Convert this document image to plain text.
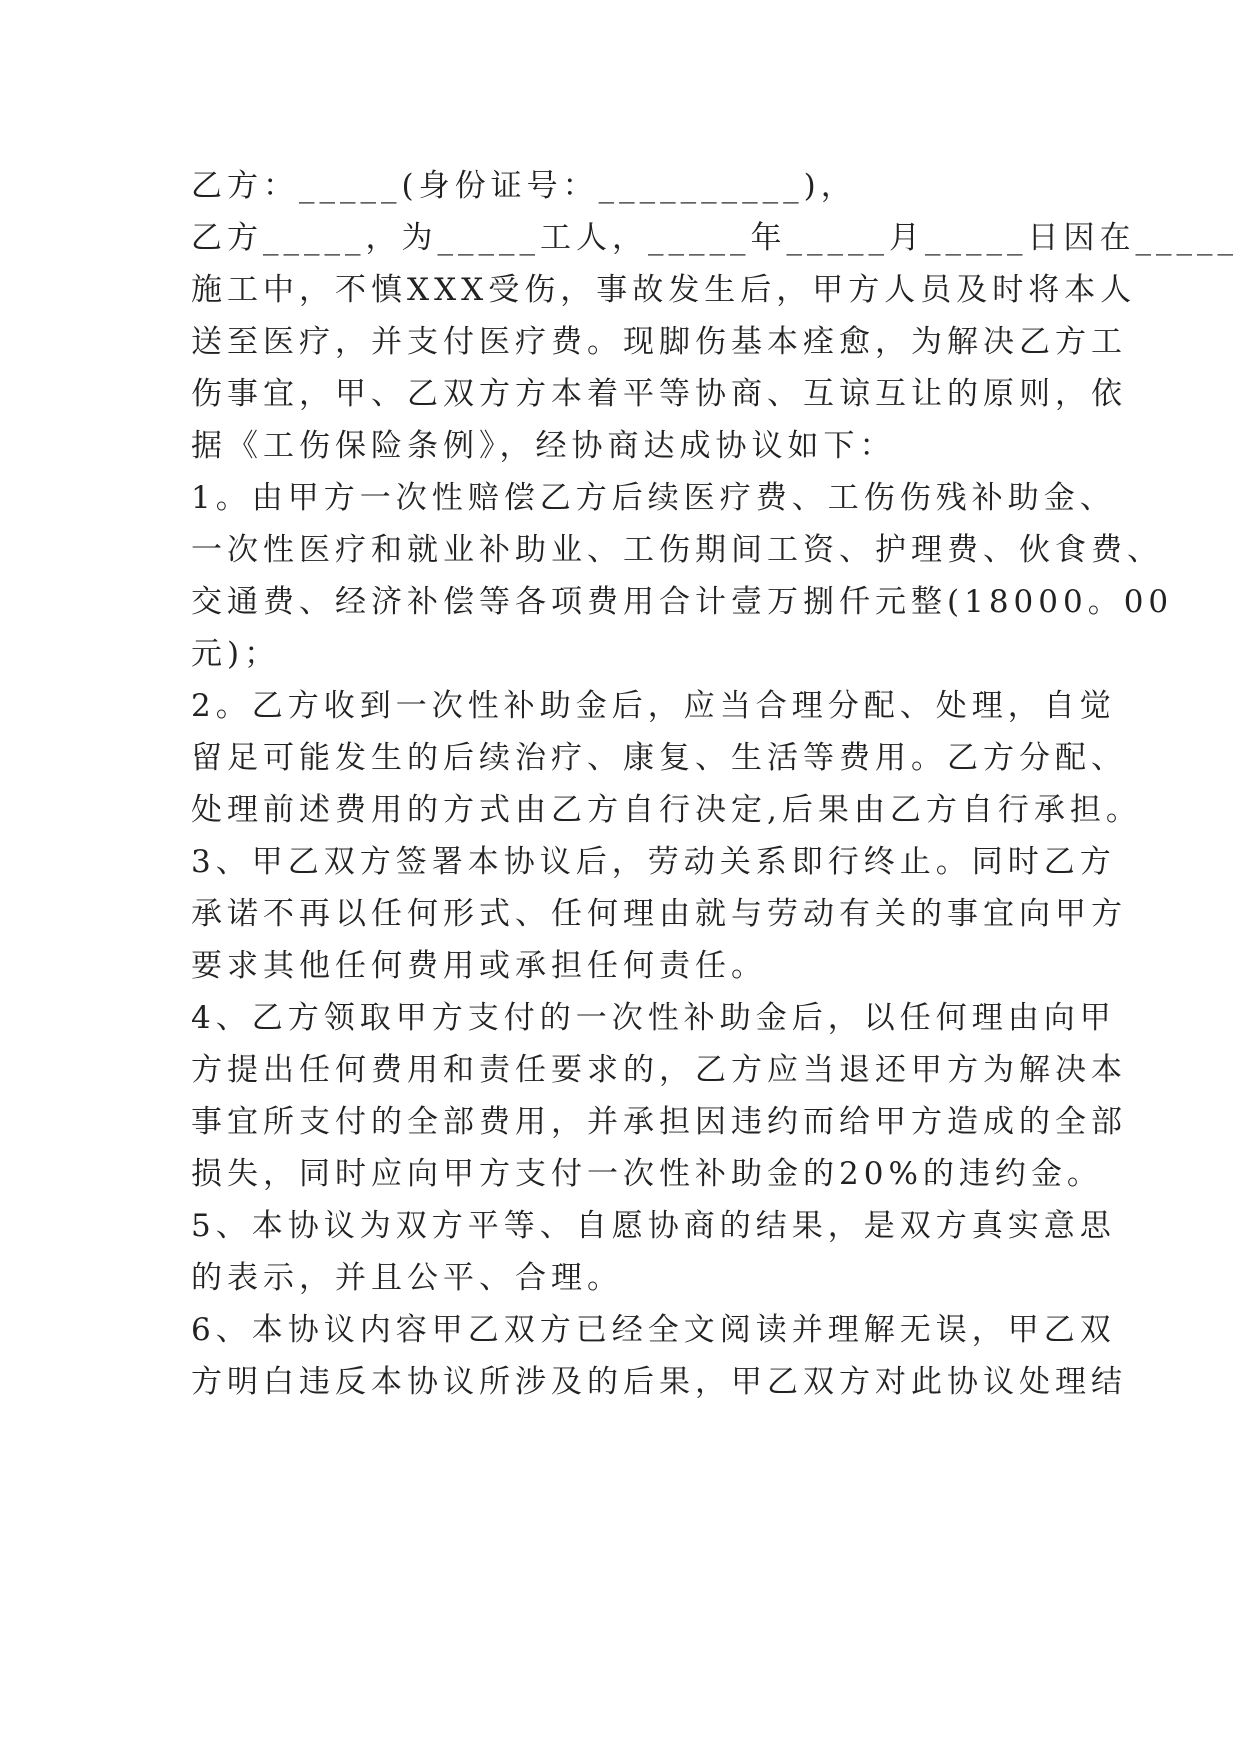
乙方：_____(身份证号：__________)，
乙方_____，为_____工人，_____年_____月_____日因在_____
施工中，不慎XXX受伤，事故发生后，甲方人员及时将本人
送至医疗，并支付医疗费。现脚伤基本痊愈，为解决乙方工
伤事宜，甲、乙双方方本着平等协商、互谅互让的原则，依
据《工伤保险条例》，经协商达成协议如下：
1。由甲方一次性赔偿乙方后续医疗费、工伤伤残补助金、
一次性医疗和就业补助业、工伤期间工资、护理费、伙食费、
交通费、经济补偿等各项费用合计壹万捌仟元整(18000。00
元)；
2。乙方收到一次性补助金后，应当合理分配、处理，自觉
留足可能发生的后续治疗、康复、生活等费用。乙方分配、
处理前述费用的方式由乙方自行决定,后果由乙方自行承担。
3、甲乙双方签署本协议后，劳动关系即行终止。同时乙方
承诺不再以任何形式、任何理由就与劳动有关的事宜向甲方
要求其他任何费用或承担任何责任。
4、乙方领取甲方支付的一次性补助金后，以任何理由向甲
方提出任何费用和责任要求的，乙方应当退还甲方为解决本
事宜所支付的全部费用，并承担因违约而给甲方造成的全部
损失，同时应向甲方支付一次性补助金的20%的违约金。
5、本协议为双方平等、自愿协商的结果，是双方真实意思
的表示，并且公平、合理。
6、本协议内容甲乙双方已经全文阅读并理解无误，甲乙双
方明白违反本协议所涉及的后果，甲乙双方对此协议处理结
